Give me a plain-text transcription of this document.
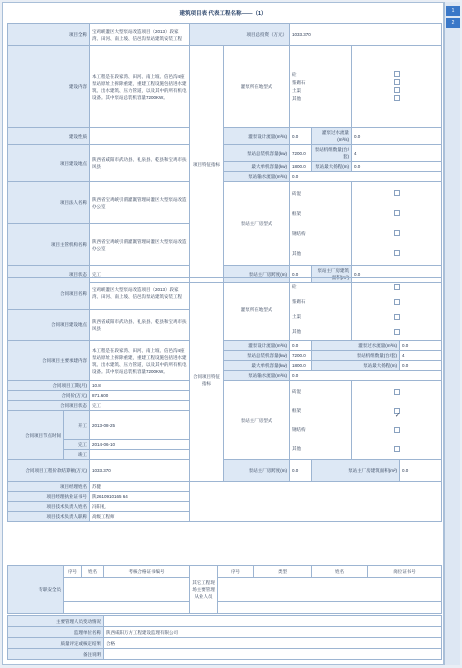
建筑项目表 代表工程名称——（1）
项目全称	宝鸡峡灌区大型泵站改造项目（2013）段家湾、田河、南上坡、信邑沟泵站建筑安装工程	项目总投资（万元）		1033.370		
建设内容	本工程是在段家湾、田河、南上坡、信邑沟4座泵站原址上拆除重建，重建工程设施包括进水建筑、出水建筑、压力管道，以及其中的所有机电设备。其中泵站总装机容量7200KW。	项目特征指标	灌泵所在地型式	砼
浆砌石
土渠
其他		

建设性质			灌泵设计流量(m³/s)	0.0	灌泵过水流量(m³/s)	0.0
项目建设地点	陕西省咸阳市武功县、礼泉县、乾县和宝鸡市扶风县		泵站总装机容量(kw)	7200.0	泵站机组数量(台/套)	4
			最大单机容量(kw)	1800.0	泵站最大扬程(m)	0.0
			泵站输水流量(m³/s)	0.0		
项目法人名称	陕西省宝鸡峡引渭灌溉管理局灌区大型泵站改造办公室		泵站主厂房型式	砖混
框架
钢结构
其他		

项目主管机构名称	陕西省宝鸡峡引渭灌溉管理局灌区大型泵站改造办公室					
项目状态	完工		泵站主厂房跨度(m)	0.0	泵站主厂房建筑面积(m²)	0.0
合同项目名称		宝鸡峡灌区大型泵站改造项目（2013）段家湾、田河、南上坡、信邑沟泵站建筑安装工程	合同项目特征指标	灌泵所在地型式	砼
浆砌石
土渠
其他			

合同项目建设地点		陕西省咸阳市武功县、礼泉县、乾县和宝鸡市扶风县						
合同项目主要承建内容		本工程是在段家湾、田河、南上坡、信邑沟4座泵站原址上拆除重建，重建工程设施包括进水建筑、出水建筑、压力管道，以及其中的所有机电设备。其中泵站总装机容量7200KW。		灌泵设计流量(m³/s)	0.0	灌泵过水流量(m³/s)		0.0
				泵站总装机容量(kw)	7200.0	泵站机组数量(台/套)		4
				最大单机容量(kw)	1800.0	泵站最大扬程(m)		0.0
				泵站输水流量(m³/s)	0.0			
合同项目工期(月)		10.8		泵站主厂房型式	砖混
框架
钢结构
其他

✓

合同价(万元)		871.600						
合同项目状态		完工						
合同项目节点时间	开工	2013-08-25						
	完工	2014-06-10						
	竣工							
合同项目工程价款结算额(万元)		1033.370		泵站主厂房跨度(m)	0.0	泵站主厂房建筑面积(m²)		0.0
项目经理姓名		苏健						
项目经理执业证书号		陕2610910165 64						
项目技术负责人姓名		冯阳礼						
项目技术负责人职称		高级工程师						
专职安全员	序号	姓名	考核合格证书编号	其它工程现场主要管理从业人员	序号	类型	姓名	岗位证书号

主要管理人员变动情况	
监理单位名称	陕西咸阳万方工程建设监理有限公司
质量评定或核定结果	合格
备注说明	
1
2
